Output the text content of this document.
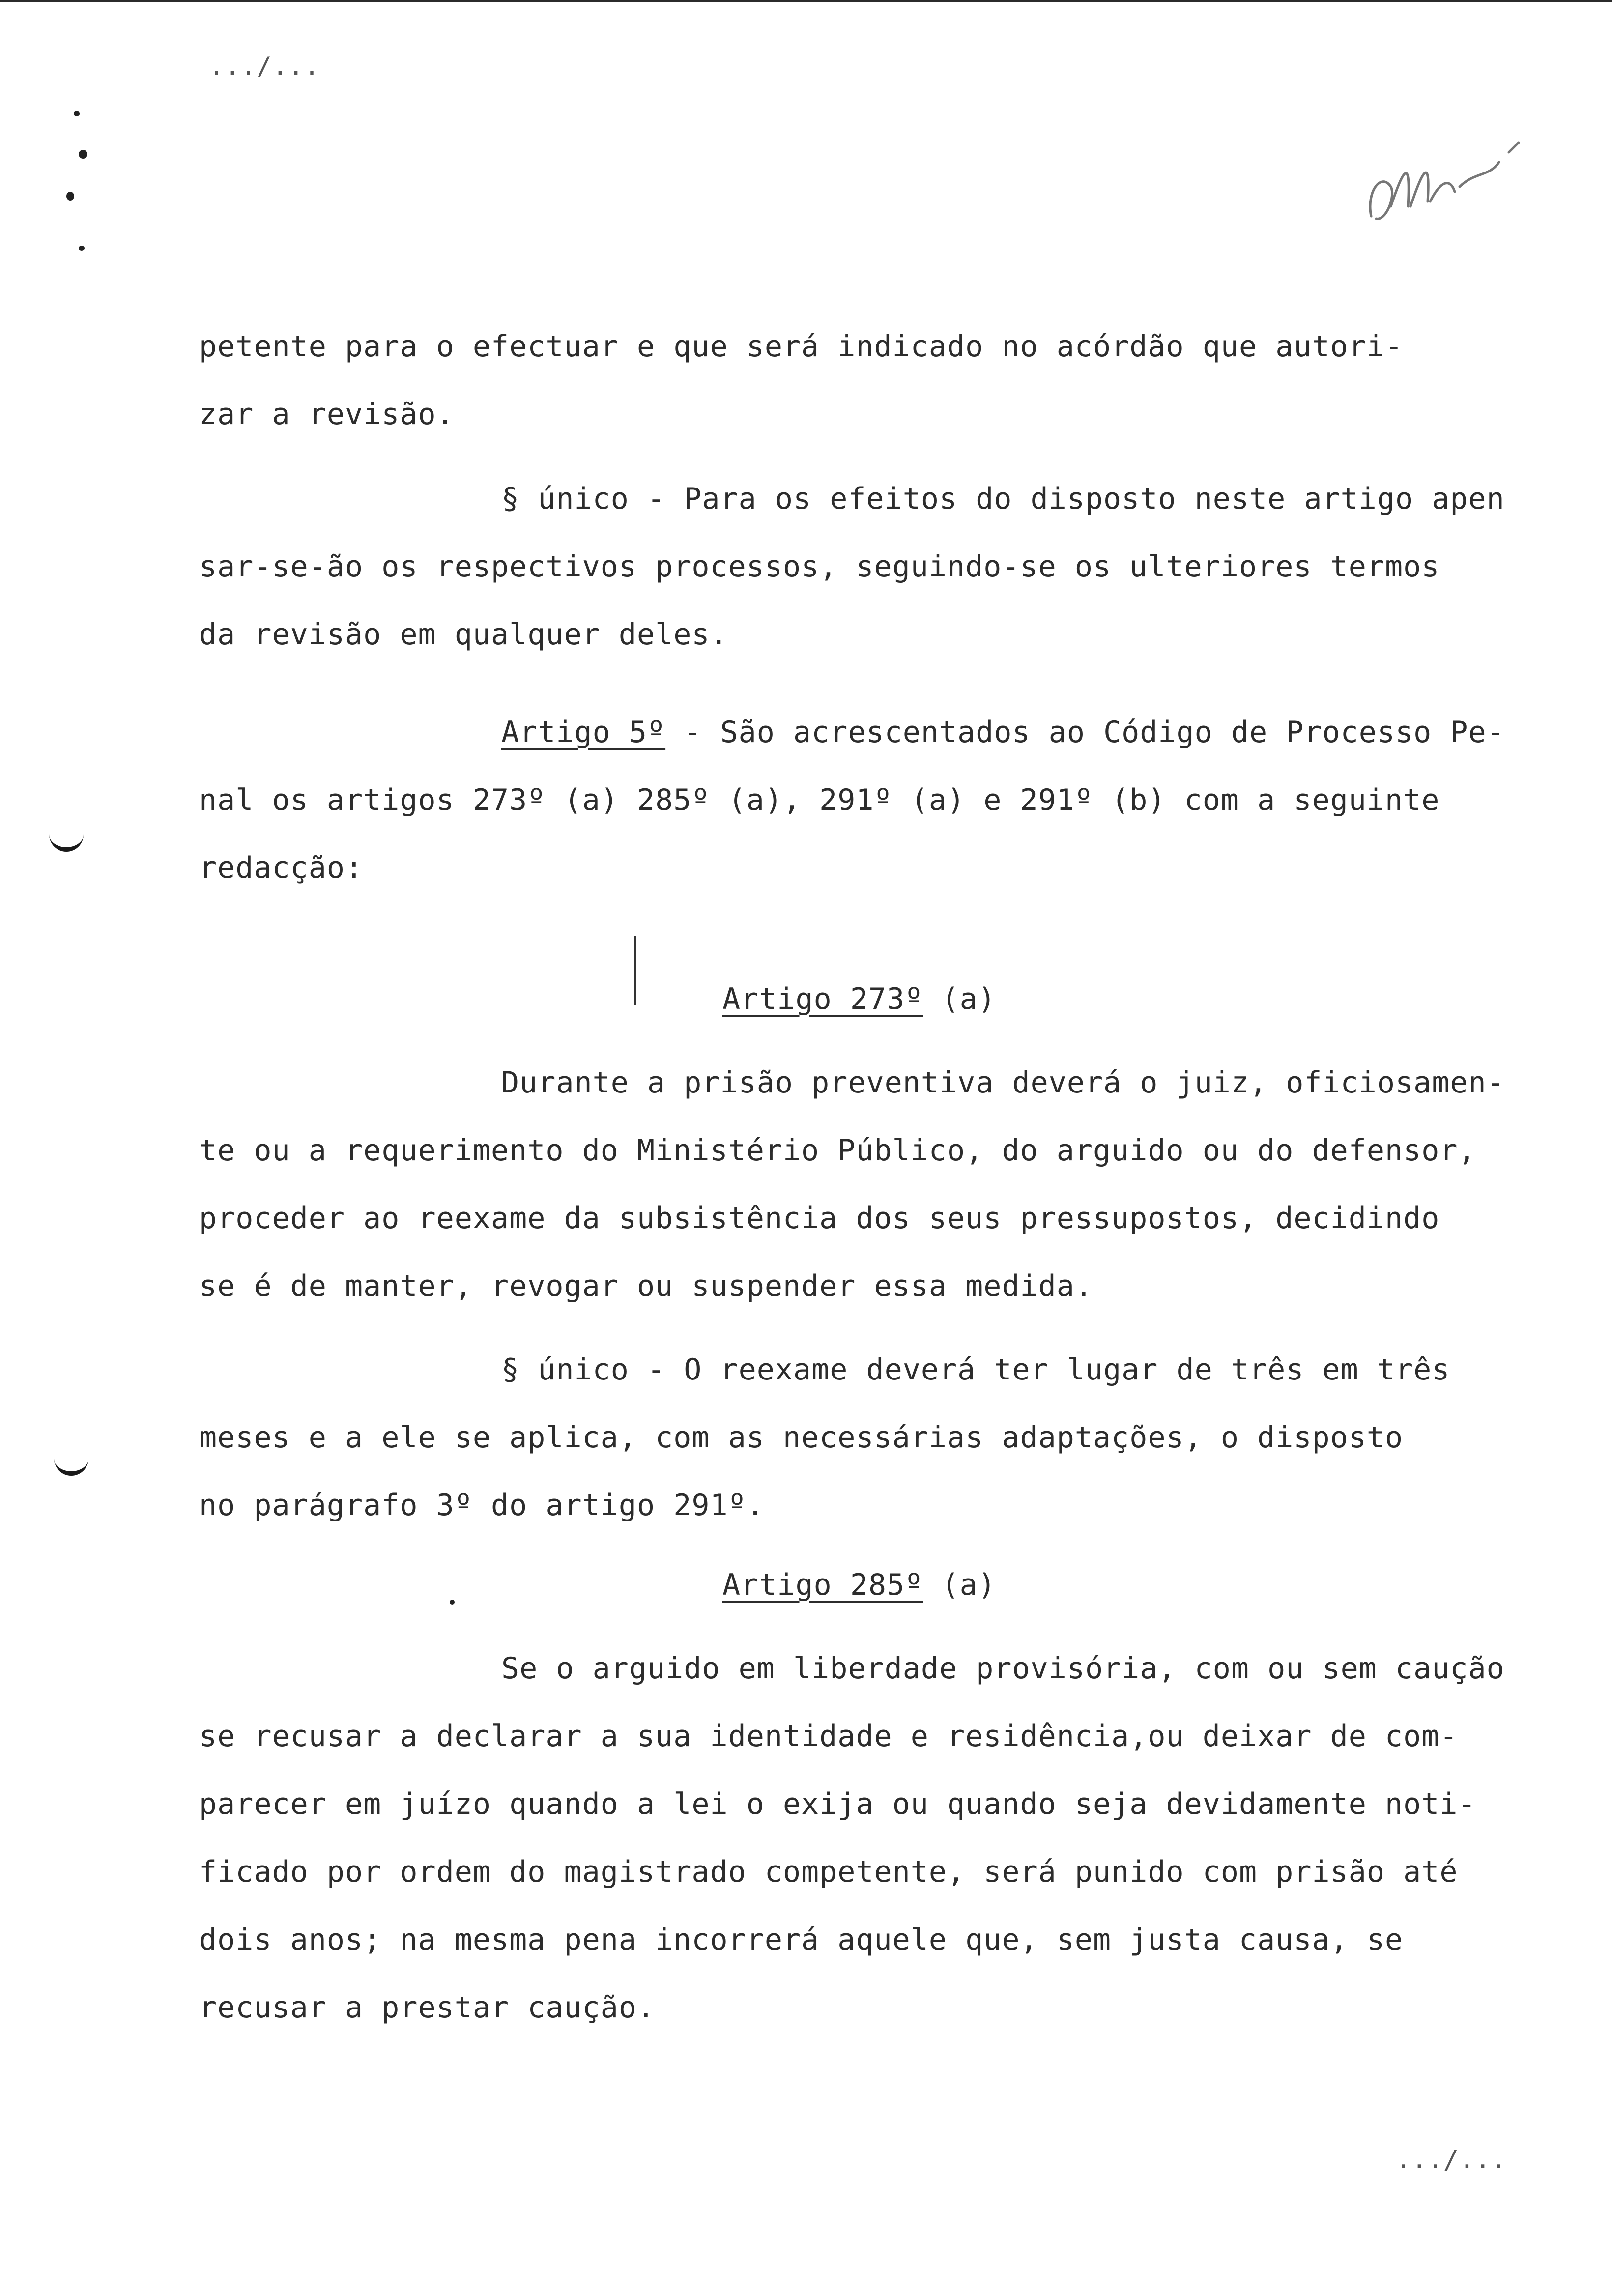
.../...
petente para o efectuar e que será indicado no acórdão que autori-
zar a revisão.
§ único - Para os efeitos do disposto neste artigo apen
sar-se-ão os respectivos processos, seguindo-se os ulteriores termos
da revisão em qualquer deles.
Artigo 5º - São acrescentados ao Código de Processo Pe-
nal os artigos 273º (a) 285º (a), 291º (a) e 291º (b) com a seguinte
redacção:
Artigo 273º (a)
Durante a prisão preventiva deverá o juiz, oficiosamen-
te ou a requerimento do Ministério Público, do arguido ou do defensor,
proceder ao reexame da subsistência dos seus pressupostos, decidindo
se é de manter, revogar ou suspender essa medida.
§ único - O reexame deverá ter lugar de três em três
meses e a ele se aplica, com as necessárias adaptações, o disposto
no parágrafo 3º do artigo 291º.
Artigo 285º (a)
Se o arguido em liberdade provisória, com ou sem caução
se recusar a declarar a sua identidade e residência,ou deixar de com-
parecer em juízo quando a lei o exija ou quando seja devidamente noti-
ficado por ordem do magistrado competente, será punido com prisão até
dois anos; na mesma pena incorrerá aquele que, sem justa causa, se
recusar a prestar caução.
.../...
